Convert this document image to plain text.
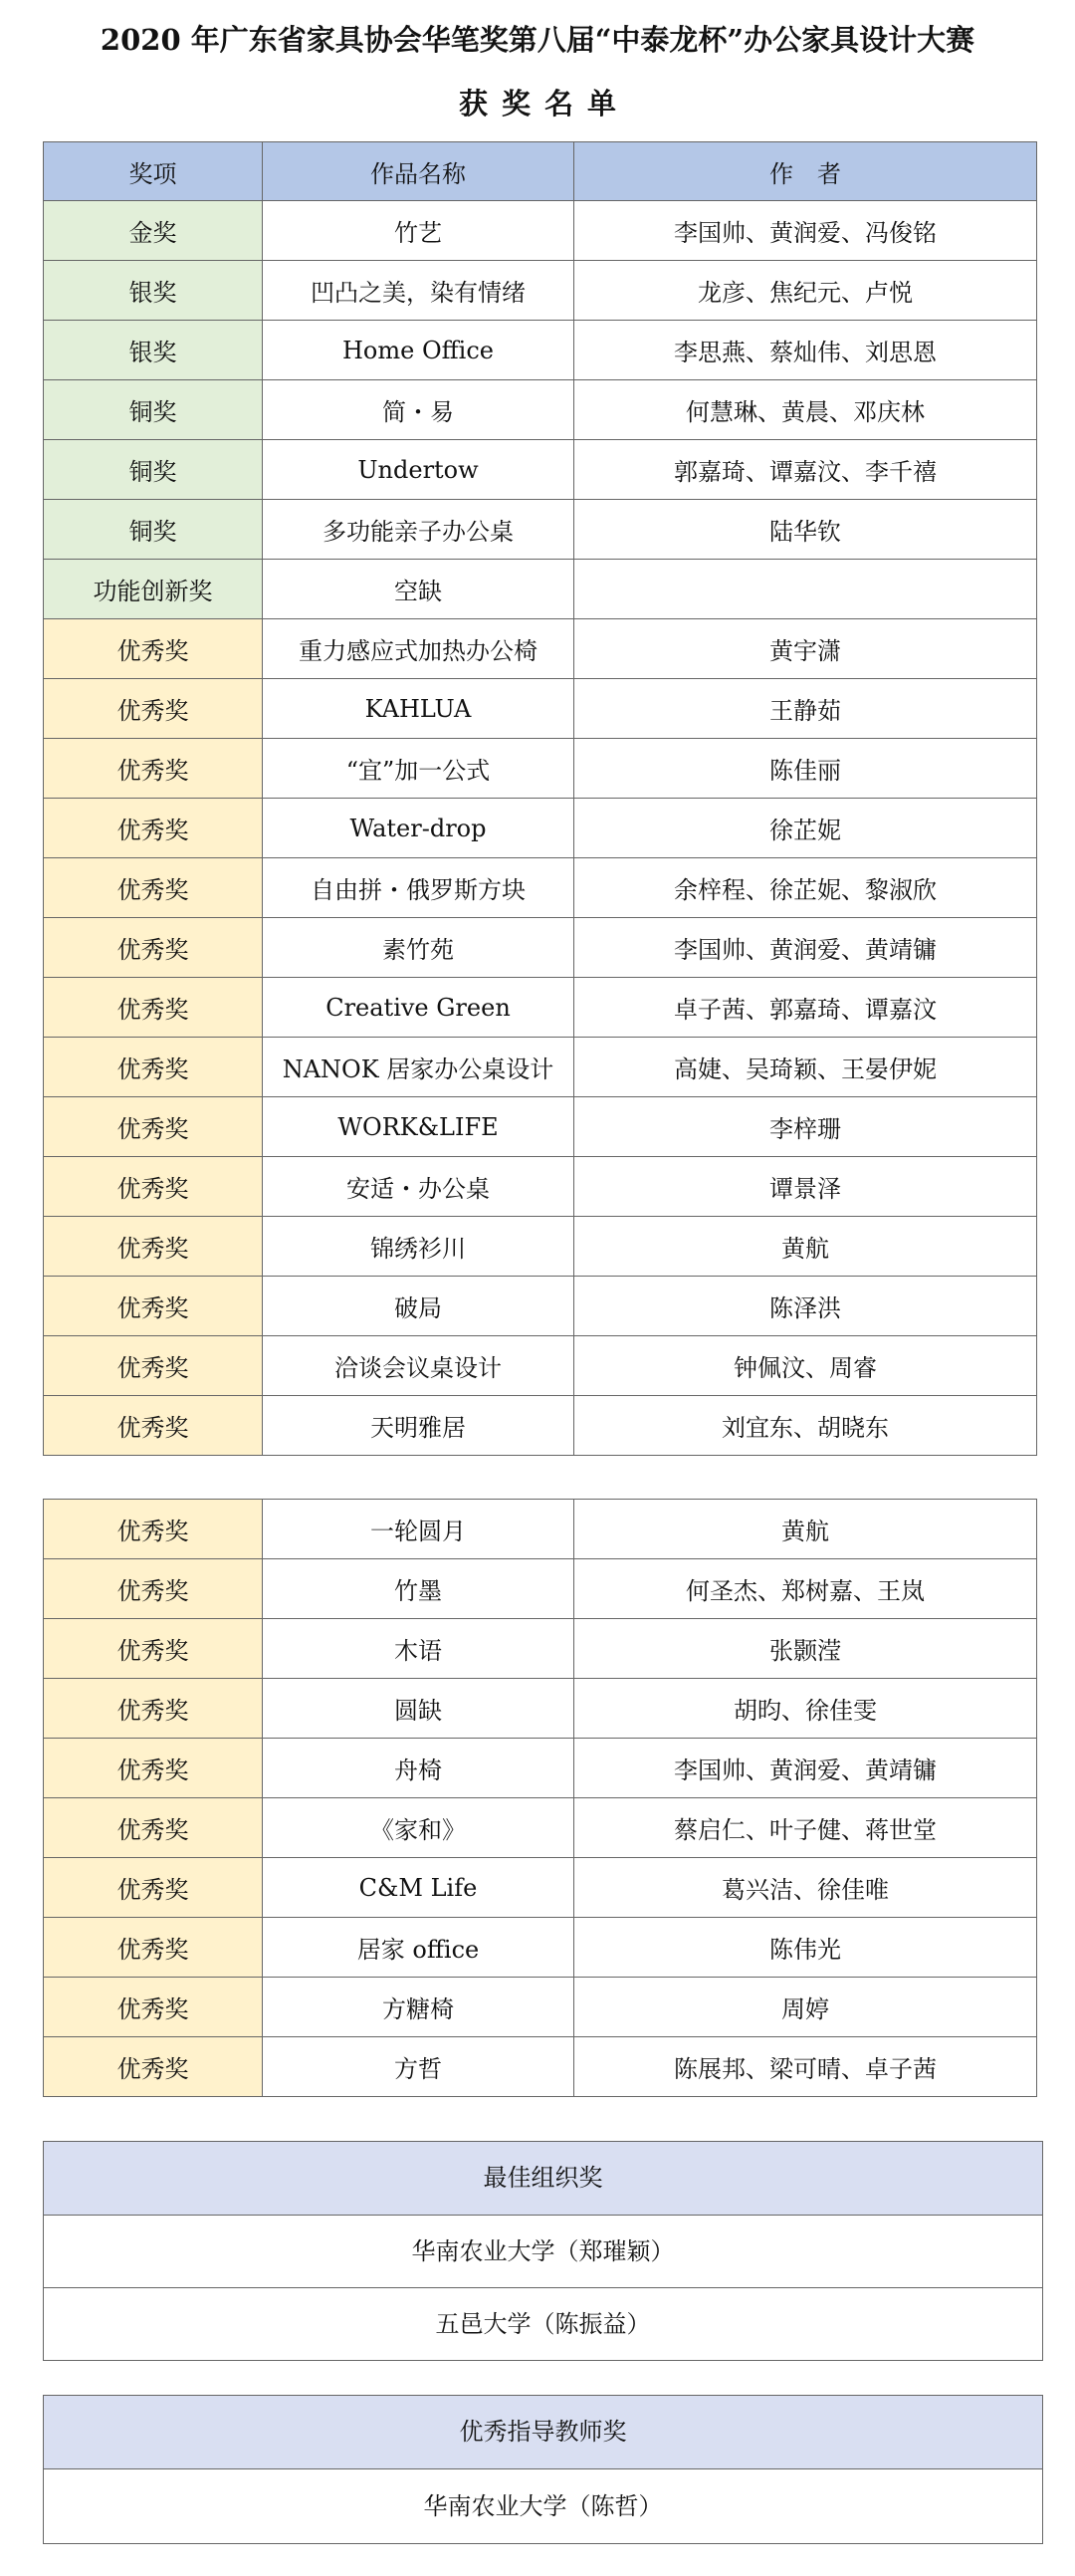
2020 年广东省家具协会华笔奖第八届“中泰龙杯”办公家具设计大赛
获奖名单
奖项	作品名称	作　者
金奖	竹艺	李国帅、黄润爱、冯俊铭
银奖	凹凸之美，染有情绪	龙彦、焦纪元、卢悦
银奖	Home Office	李思燕、蔡灿伟、刘思恩
铜奖	简・易	何慧琳、黄晨、邓庆林
铜奖	Undertow	郭嘉琦、谭嘉汶、李千禧
铜奖	多功能亲子办公桌	陆华钦
功能创新奖	空缺	
优秀奖	重力感应式加热办公椅	黄宇潇
优秀奖	KAHLUA	王静茹
优秀奖	“宜”加一公式	陈佳丽
优秀奖	Water-drop	徐芷妮
优秀奖	自由拼・俄罗斯方块	余梓程、徐芷妮、黎淑欣
优秀奖	素竹苑	李国帅、黄润爱、黄靖镛
优秀奖	Creative Green	卓子茜、郭嘉琦、谭嘉汶
优秀奖	NANOK 居家办公桌设计	高婕、吴琦颖、王晏伊妮
优秀奖	WORK&LIFE	李梓珊
优秀奖	安适・办公桌	谭景泽
优秀奖	锦绣衫川	黄航
优秀奖	破局	陈泽洪
优秀奖	洽谈会议桌设计	钟佩汶、周睿
优秀奖	天明雅居	刘宜东、胡晓东
优秀奖	一轮圆月	黄航
优秀奖	竹墨	何圣杰、郑树嘉、王岚
优秀奖	木语	张颢滢
优秀奖	圆缺	胡昀、徐佳雯
优秀奖	舟椅	李国帅、黄润爱、黄靖镛
优秀奖	《家和》	蔡启仁、叶子健、蒋世堂
优秀奖	C&M Life	葛兴洁、徐佳唯
优秀奖	居家 office	陈伟光
优秀奖	方糖椅	周婷
优秀奖	方哲	陈展邦、梁可晴、卓子茜
最佳组织奖
华南农业大学（郑璀颖）
五邑大学（陈振益）
优秀指导教师奖
华南农业大学（陈哲）
